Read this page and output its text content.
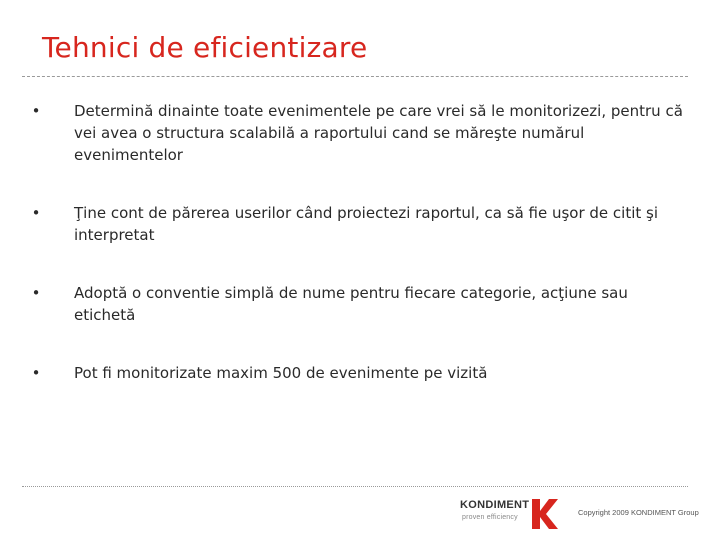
Tehnici de eficientizare
• Determină dinainte toate evenimentele pe care vrei să le monitorizezi, pentru că vei avea o structura scalabilă a raportului cand se măreşte numărul evenimentelor
• Ţine cont de părerea userilor când proiectezi raportul, ca să fie uşor de citit şi interpretat
• Adoptă o conventie simplă de nume pentru fiecare categorie, acţiune sau etichetă
• Pot fi monitorizate maxim 500 de evenimente pe vizită
KONDIMENT
proven efficiency
Copyright 2009 KONDIMENT Group
